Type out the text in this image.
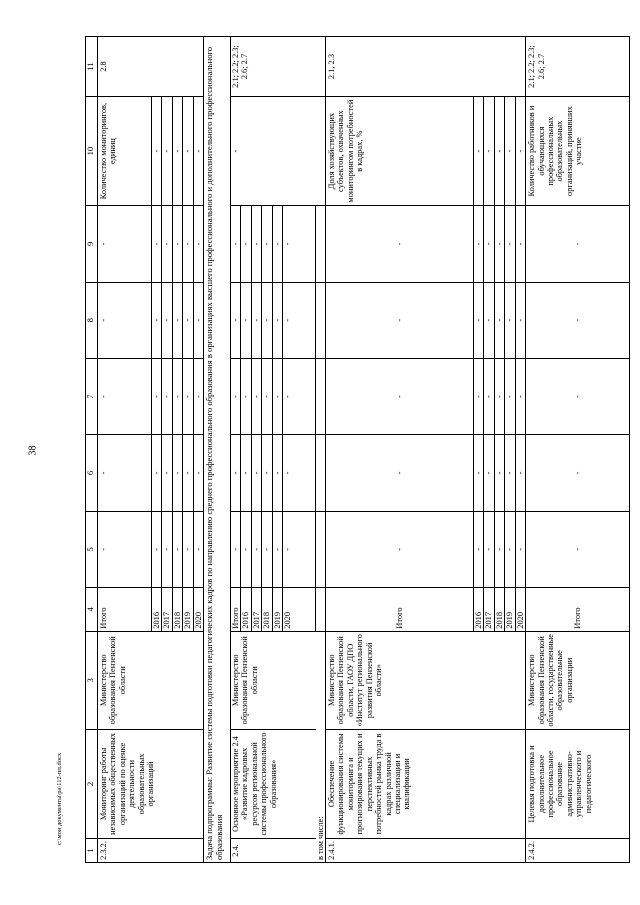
38
c:\мои документы\ра\112-пп.docx
1	2	3	4	5	6	7	8	9	10	11
2.3.2.	Мониторинг работы независимых общественных организаций по оценке деятельности образовательных организаций	Министерство образования Пензенской области	Итого	-	-	-	-	-	Количество мониторингов, единиц	2.8
			2016	-	-	-	-	-	-	
			2017	-	-	-	-	-	-	
			2018	-	-	-	-	-	-	
			2019	-	-	-	-	-	-	
			2020	-	-	-	-	-	-	
Задача подпрограммы: Развитие системы подготовки педагогических кадров по направлению среднего профессионального образования в организациях высшего профессионального и дополнительного профессионального образования										
2.4.	Основное мероприятие 2.4 «Развитие кадровых ресурсов региональной системы профессионального образования»	Министерство образования Пензенской области	Итого	-	-	-	-	-	-	2.1; 2.2; 2.3; 2.6; 2.7
			2016	-	-	-	-	-		
			2017	-	-	-	-	-		
			2018	-	-	-	-	-		
			2019	-	-	-	-	-		
			2020	-	-	-	-	-		
в том числе:										
2.4.1.	Обеспечение функционирования системы мониторинга и прогнозирования текущих и перспективных потребностей рынка труда в кадрах различной специализации и квалификации	Министерство образования Пензенской области, ГАОУ ДПО «Институт регионального развития Пензенской области»	Итого	-	-	-	-	-	Доля хозяйствующих субъектов, охваченных мониторингом потребностей в кадрах, %	2.1, 2.3
			2016	-	-	-	-	-	-	
			2017	-	-	-	-	-	-	
			2018	-	-	-	-	-	-	
			2019	-	-	-	-	-	-	
			2020	-	-	-	-	-	-	
2.4.2.	Целевая подготовка и дополнительное профессиональное образование административно-управленческого и педагогического	Министерство образования Пензенской области, государственные образовательные организации	Итого	-	-	-	-	-	Количество работников и обучающихся профессиональных образовательных организаций, принявших участие	2.1; 2.2; 2.3; 2.6; 2.7
